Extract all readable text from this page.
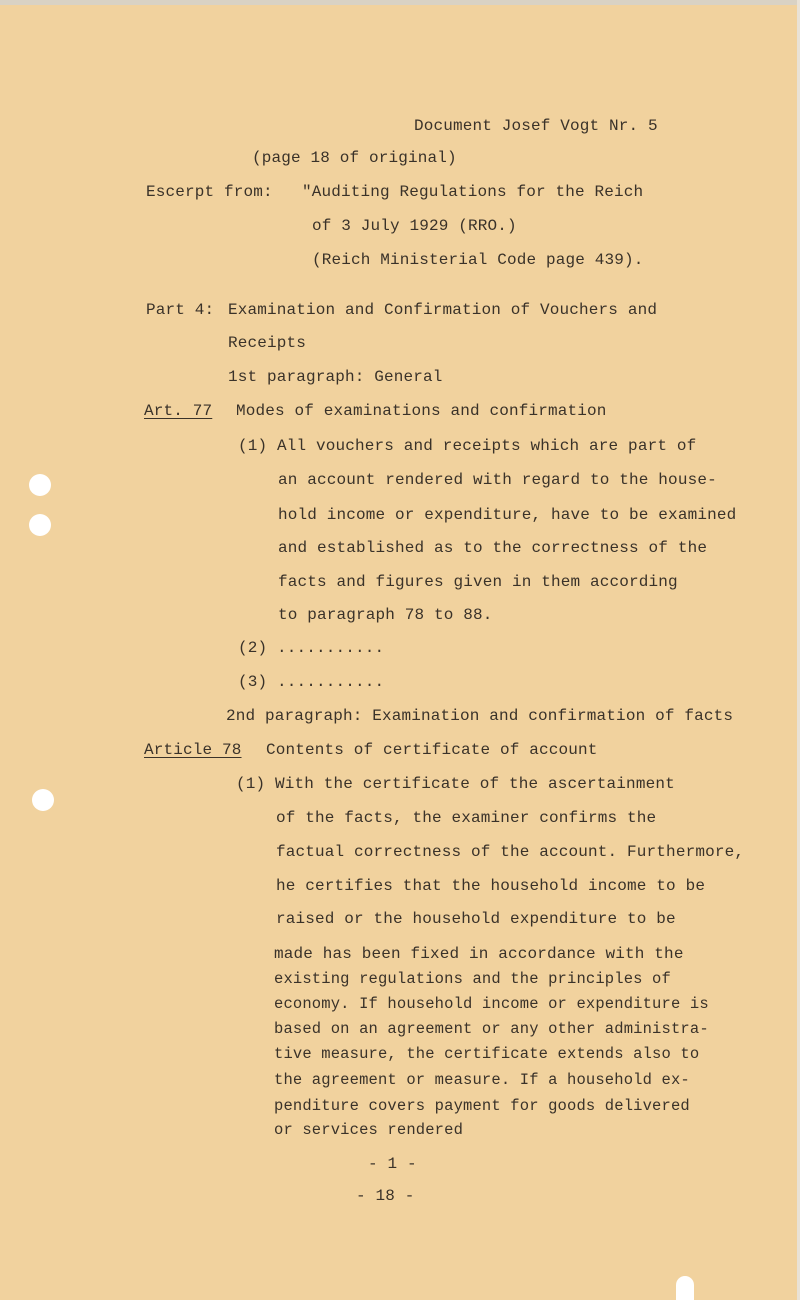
Document Josef Vogt Nr. 5
(page 18 of original)
Escerpt from: "Auditing Regulations for the Reich
of 3 July 1929 (RRO.)
(Reich Ministerial Code page 439).
Part 4: Examination and Confirmation of Vouchers and
Receipts
1st paragraph: General
Art. 77 Modes of examinations and confirmation
(1) All vouchers and receipts which are part of
an account rendered with regard to the house-
hold income or expenditure, have to be examined
and established as to the correctness of the
facts and figures given in them according
to paragraph 78 to 88.
(2) ...........
(3) ...........
2nd paragraph: Examination and confirmation of facts
Article 78 Contents of certificate of account
(1) With the certificate of the ascertainment
of the facts, the examiner confirms the
factual correctness of the account. Furthermore,
he certifies that the household income to be
raised or the household expenditure to be
made has been fixed in accordance with the
existing regulations and the principles of
economy. If household income or expenditure is
based on an agreement or any other administra-
tive measure, the certificate extends also to
the agreement or measure. If a household ex-
penditure covers payment for goods delivered
or services rendered
- 1 -
- 18 -
